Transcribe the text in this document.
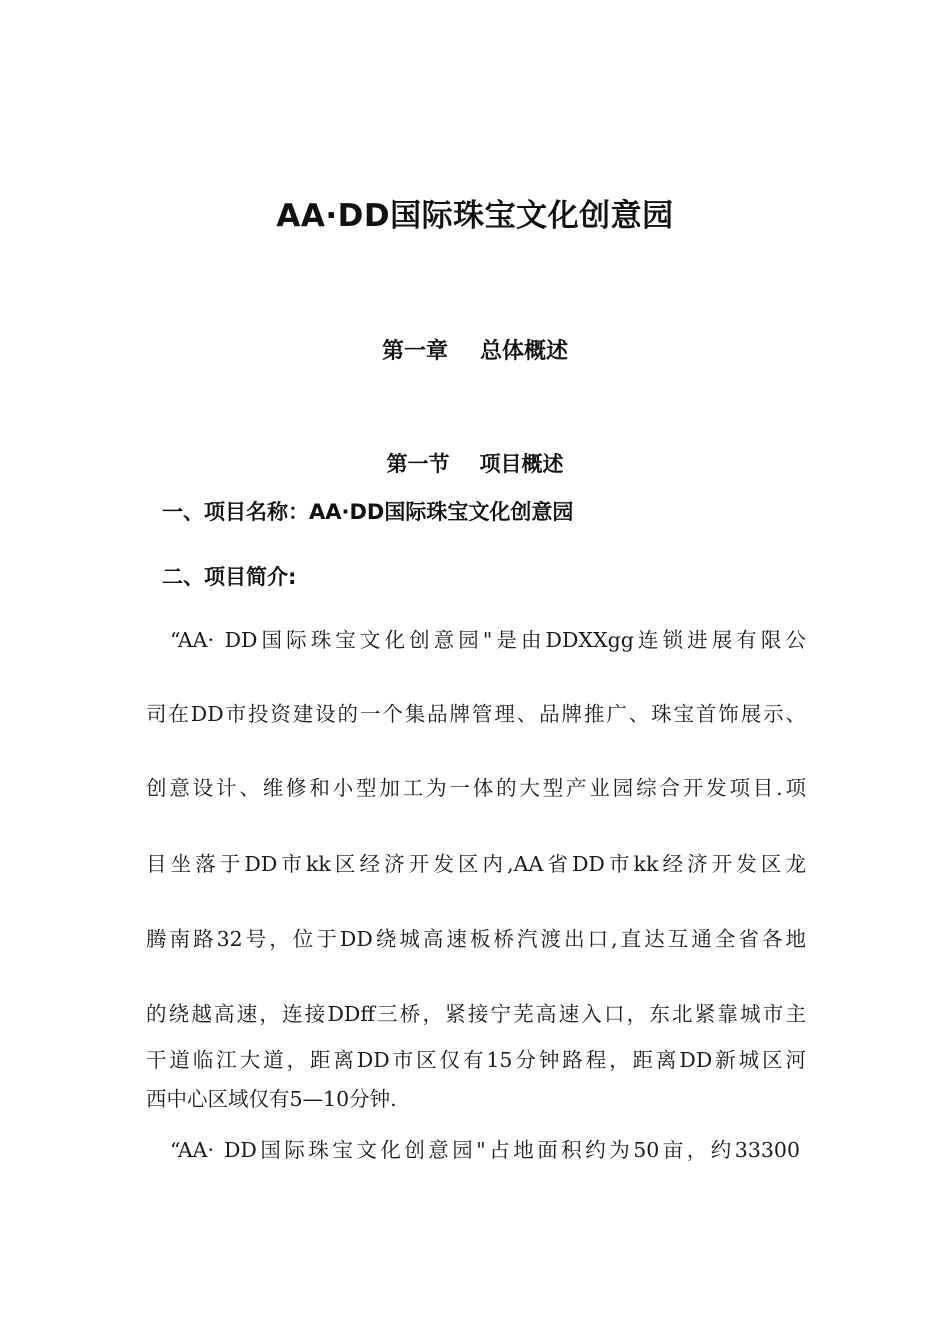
AA·DD国际珠宝文化创意园
第一章 总体概述
第一节 项目概述

一、项目名称：AA·DD国际珠宝文化创意园

二、项目简介:

“AA· DD国际珠宝文化创意园"是由DDXXgg连锁进展有限公

司在DD市投资建设的一个集品牌管理、品牌推广、珠宝首饰展示、

创意设计、维修和小型加工为一体的大型产业园综合开发项目.项

目坐落于DD市kk区经济开发区内,AA省DD市kk经济开发区龙

腾南路32号，位于DD绕城高速板桥汽渡出口,直达互通全省各地

的绕越高速，连接DDff三桥，紧接宁芜高速入口，东北紧靠城市主

干道临江大道，距离DD市区仅有15分钟路程，距离DD新城区河

西中心区域仅有5—10分钟.

“AA· DD国际珠宝文化创意园"占地面积约为50亩，约33300
